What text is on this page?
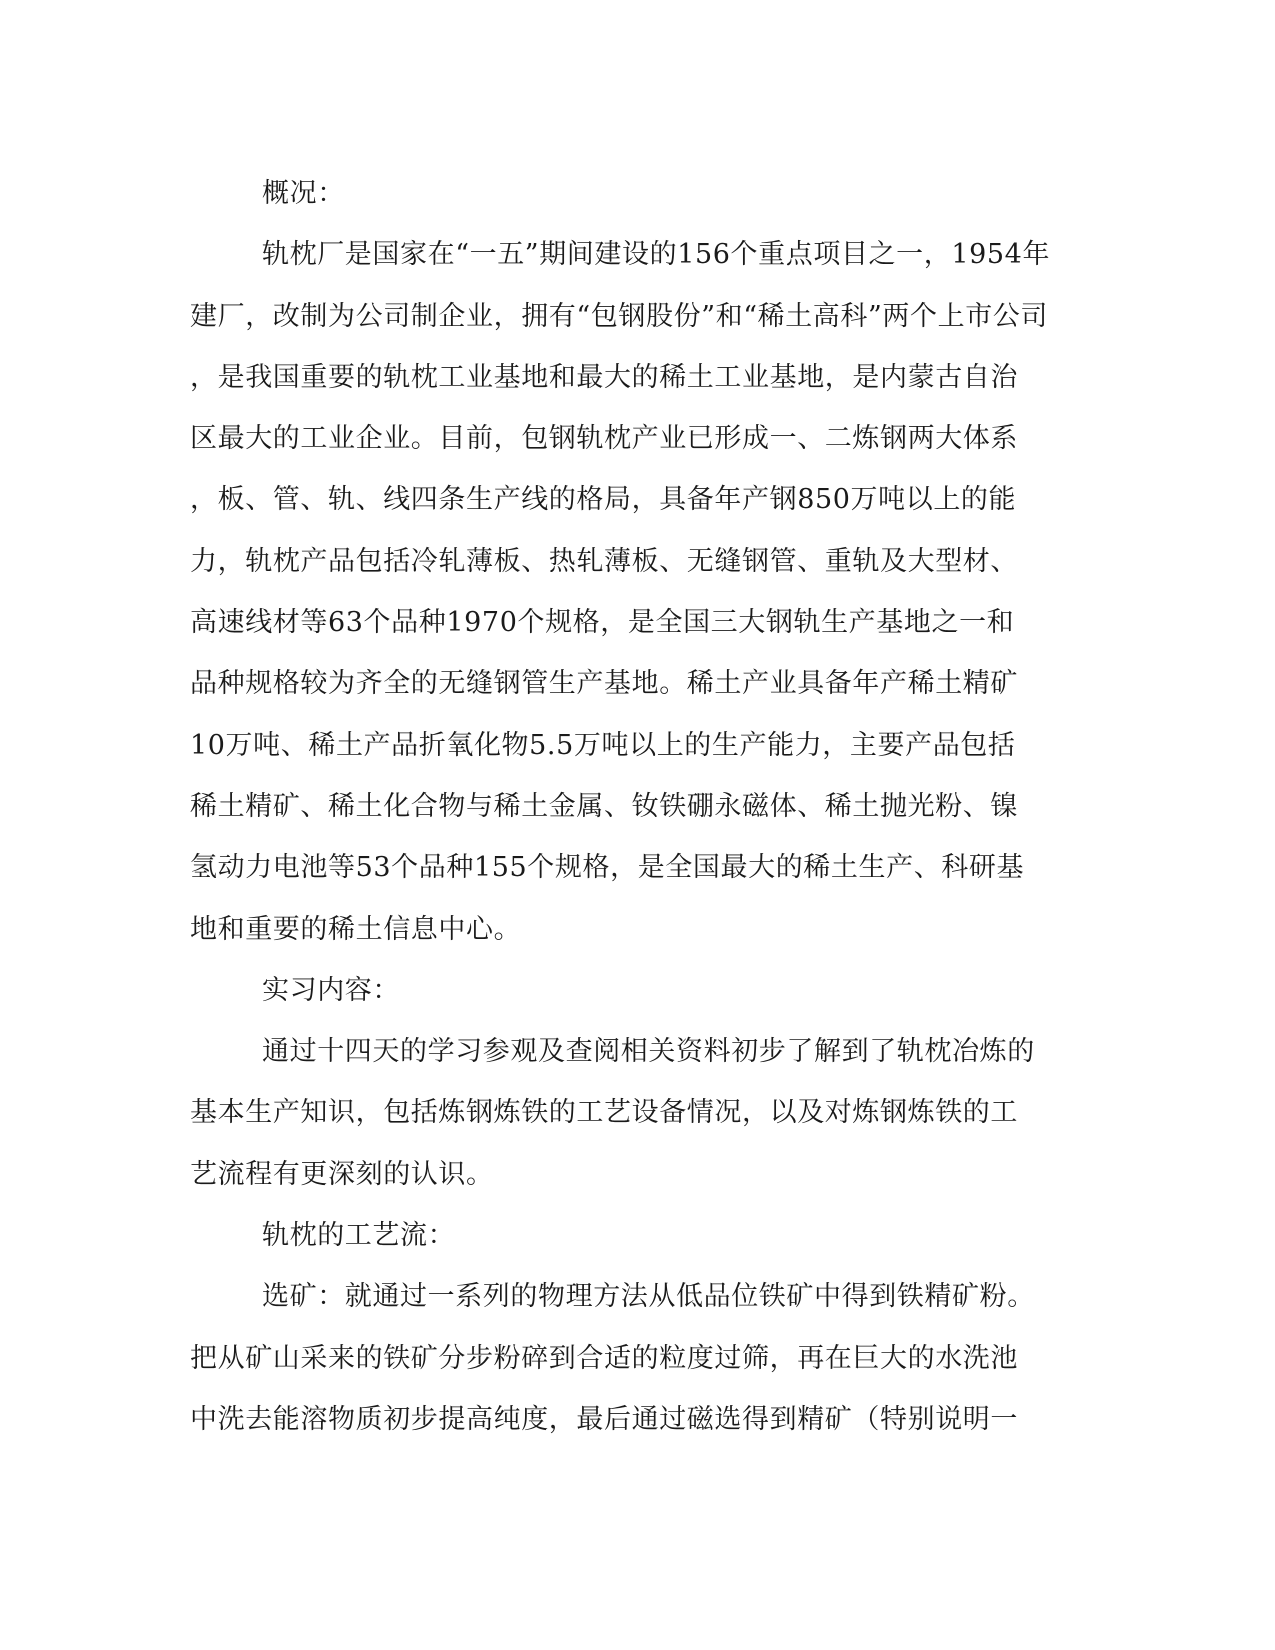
概况：
轨枕厂是国家在“一五”期间建设的156个重点项目之一，1954年
建厂，改制为公司制企业，拥有“包钢股份”和“稀土高科”两个上市公司
，是我国重要的轨枕工业基地和最大的稀土工业基地，是内蒙古自治
区最大的工业企业。目前，包钢轨枕产业已形成一、二炼钢两大体系
，板、管、轨、线四条生产线的格局，具备年产钢850万吨以上的能
力，轨枕产品包括冷轧薄板、热轧薄板、无缝钢管、重轨及大型材、
高速线材等63个品种1970个规格，是全国三大钢轨生产基地之一和
品种规格较为齐全的无缝钢管生产基地。稀土产业具备年产稀土精矿
10万吨、稀土产品折氧化物5.5万吨以上的生产能力，主要产品包括
稀土精矿、稀土化合物与稀土金属、钕铁硼永磁体、稀土抛光粉、镍
氢动力电池等53个品种155个规格，是全国最大的稀土生产、科研基
地和重要的稀土信息中心。
实习内容：
通过十四天的学习参观及查阅相关资料初步了解到了轨枕冶炼的
基本生产知识，包括炼钢炼铁的工艺设备情况，以及对炼钢炼铁的工
艺流程有更深刻的认识。
轨枕的工艺流：
选矿：就通过一系列的物理方法从低品位铁矿中得到铁精矿粉。
把从矿山采来的铁矿分步粉碎到合适的粒度过筛，再在巨大的水洗池
中洗去能溶物质初步提高纯度，最后通过磁选得到精矿（特别说明一
